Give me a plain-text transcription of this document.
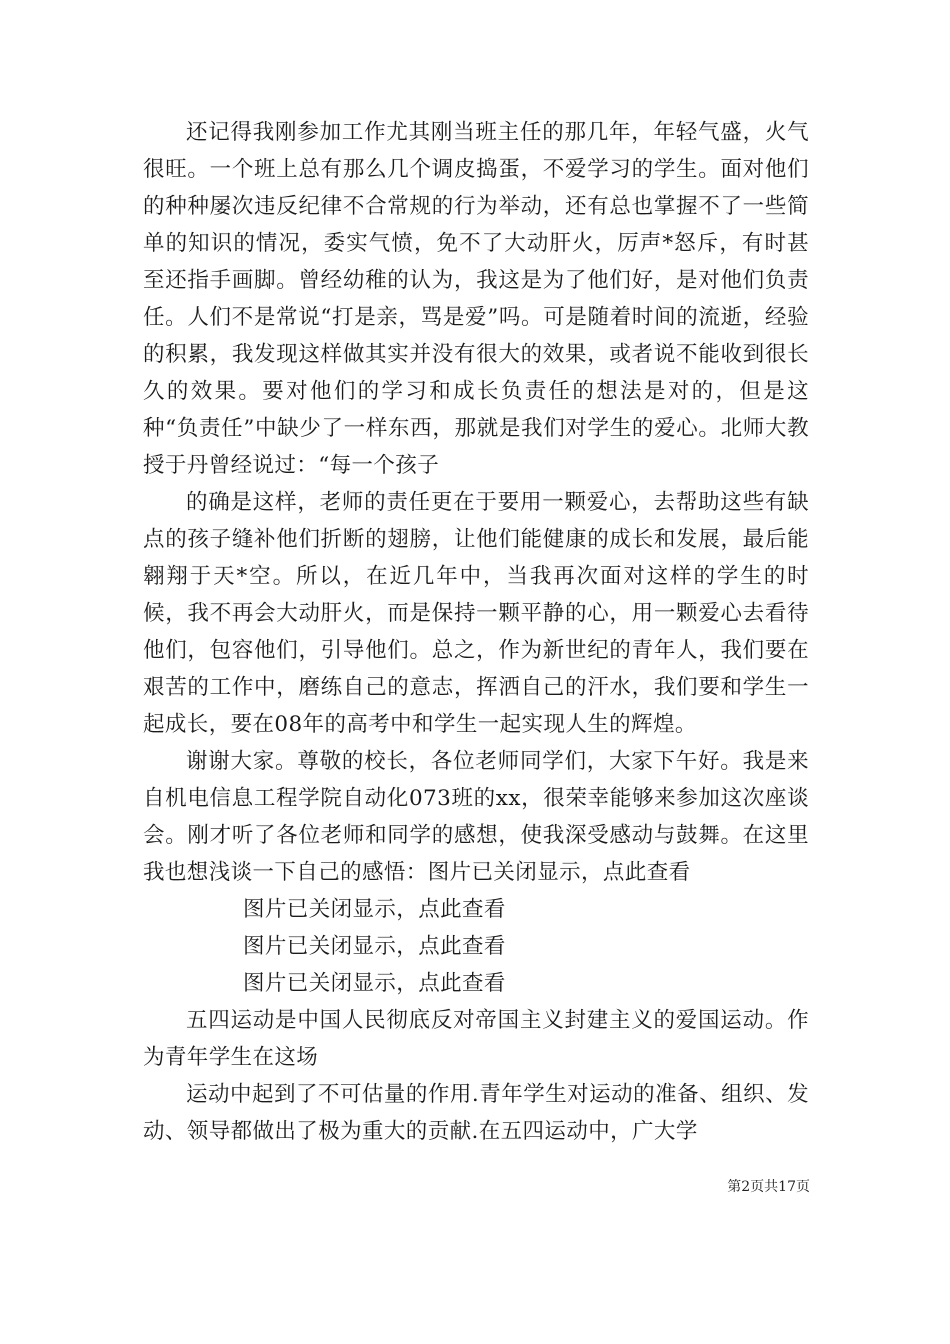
还记得我刚参加工作尤其刚当班主任的那几年，年轻气盛，火气很旺。一个班上总有那么几个调皮捣蛋，不爱学习的学生。面对他们的种种屡次违反纪律不合常规的行为举动，还有总也掌握不了一些简单的知识的情况，委实气愤，免不了大动肝火，厉声*怒斥，有时甚至还指手画脚。曾经幼稚的认为，我这是为了他们好，是对他们负责任。人们不是常说“打是亲，骂是爱”吗。可是随着时间的流逝，经验的积累，我发现这样做其实并没有很大的效果，或者说不能收到很长久的效果。要对他们的学习和成长负责任的想法是对的，但是这种“负责任”中缺少了一样东西，那就是我们对学生的爱心。北师大教授于丹曾经说过：“每一个孩子

的确是这样，老师的责任更在于要用一颗爱心，去帮助这些有缺点的孩子缝补他们折断的翅膀，让他们能健康的成长和发展，最后能翱翔于天*空。所以，在近几年中，当我再次面对这样的学生的时候，我不再会大动肝火，而是保持一颗平静的心，用一颗爱心去看待他们，包容他们，引导他们。总之，作为新世纪的青年人，我们要在艰苦的工作中，磨练自己的意志，挥洒自己的汗水，我们要和学生一起成长，要在08年的高考中和学生一起实现人生的辉煌。

谢谢大家。尊敬的校长，各位老师同学们，大家下午好。我是来自机电信息工程学院自动化073班的xx，很荣幸能够来参加这次座谈会。刚才听了各位老师和同学的感想，使我深受感动与鼓舞。在这里我也想浅谈一下自己的感悟：图片已关闭显示，点此查看

图片已关闭显示，点此查看

图片已关闭显示，点此查看

图片已关闭显示，点此查看

五四运动是中国人民彻底反对帝国主义封建主义的爱国运动。作为青年学生在这场

运动中起到了不可估量的作用.青年学生对运动的准备、组织、发动、领导都做出了极为重大的贡献.在五四运动中，广大学

第2页共17页
